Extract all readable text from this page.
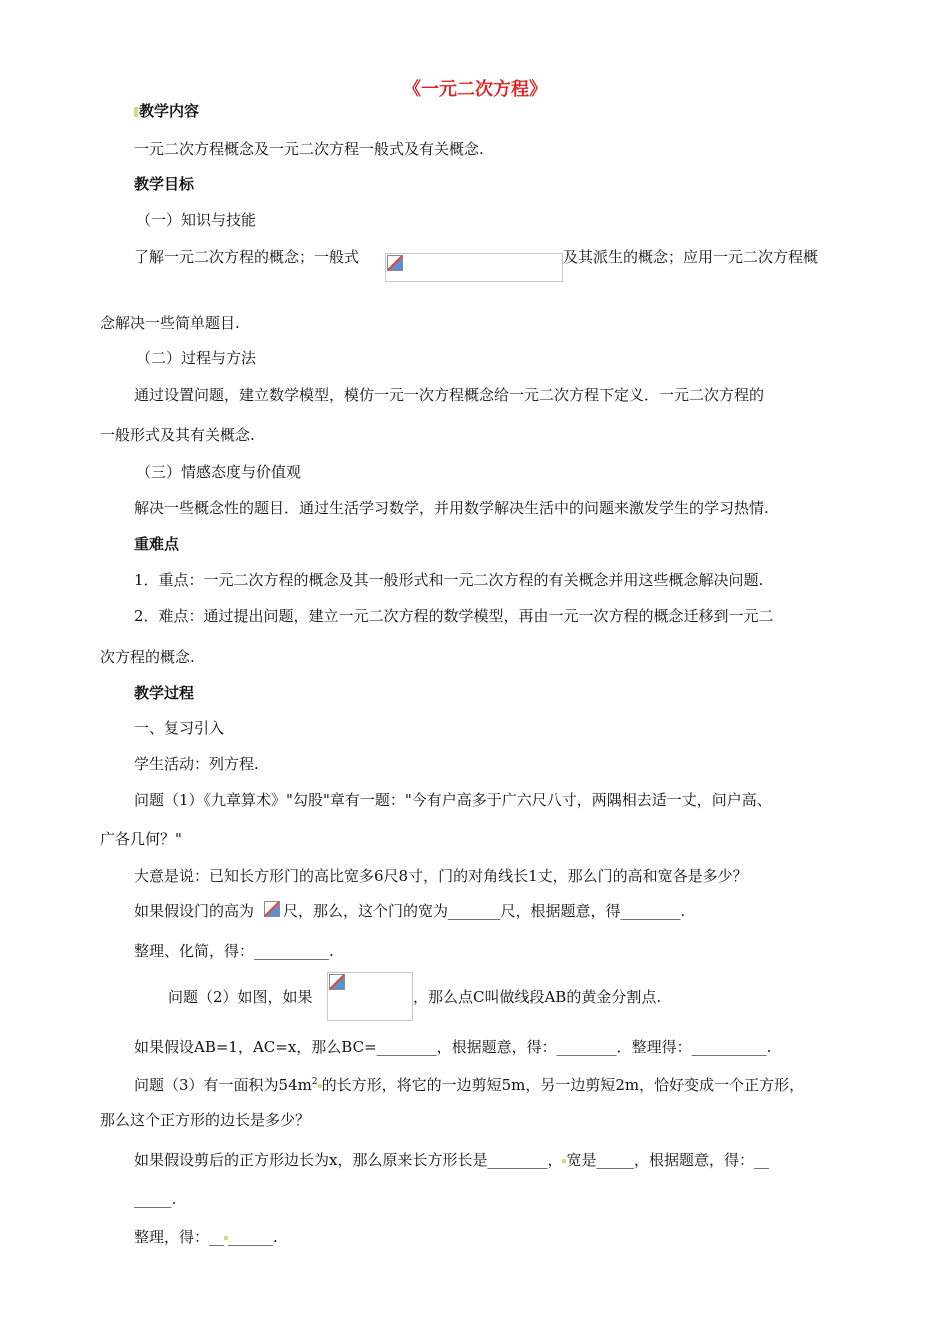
《一元二次方程》
教学内容
一元二次方程概念及一元二次方程一般式及有关概念.
教学目标
（一）知识与技能
了解一元二次方程的概念；一般式	及其派生的概念；应用一元二次方程概
念解决一些简单题目.
（二）过程与方法
通过设置问题，建立数学模型，模仿一元一次方程概念给一元二次方程下定义．一元二次方程的
一般形式及其有关概念.
（三）情感态度与价值观
解决一些概念性的题目．通过生活学习数学，并用数学解决生活中的问题来激发学生的学习热情.
重难点
1．重点：一元二次方程的概念及其一般形式和一元二次方程的有关概念并用这些概念解决问题.
2．难点：通过提出问题，建立一元二次方程的数学模型，再由一元一次方程的概念迁移到一元二
次方程的概念.
教学过程
一、复习引入
学生活动：列方程.
问题（1）《九章算术》"勾股"章有一题："今有户高多于广六尺八寸，两隅相去适一丈，问户高、
广各几何？"
大意是说：已知长方形门的高比宽多6尺8寸，门的对角线长1丈，那么门的高和宽各是多少？
如果假设门的高为 尺，那么，这个门的宽为_______尺，根据题意，得________.
整理、化简，得：__________.
问题（2）如图，如果	，那么点C叫做线段AB的黄金分割点.
如果假设AB=1，AC=x，那么BC=________，根据题意，得：________．整理得：__________.
问题（3）有一面积为$54m^2$ 的长方形，将它的一边剪短5m，另一边剪短2m，恰好变成一个正方形，
那么这个正方形的边长是多少？
如果假设剪后的正方形边长为x，那么原来长方形长是________， 宽是_____，根据题意，得：__
_____.
整理，得：__ ______.
